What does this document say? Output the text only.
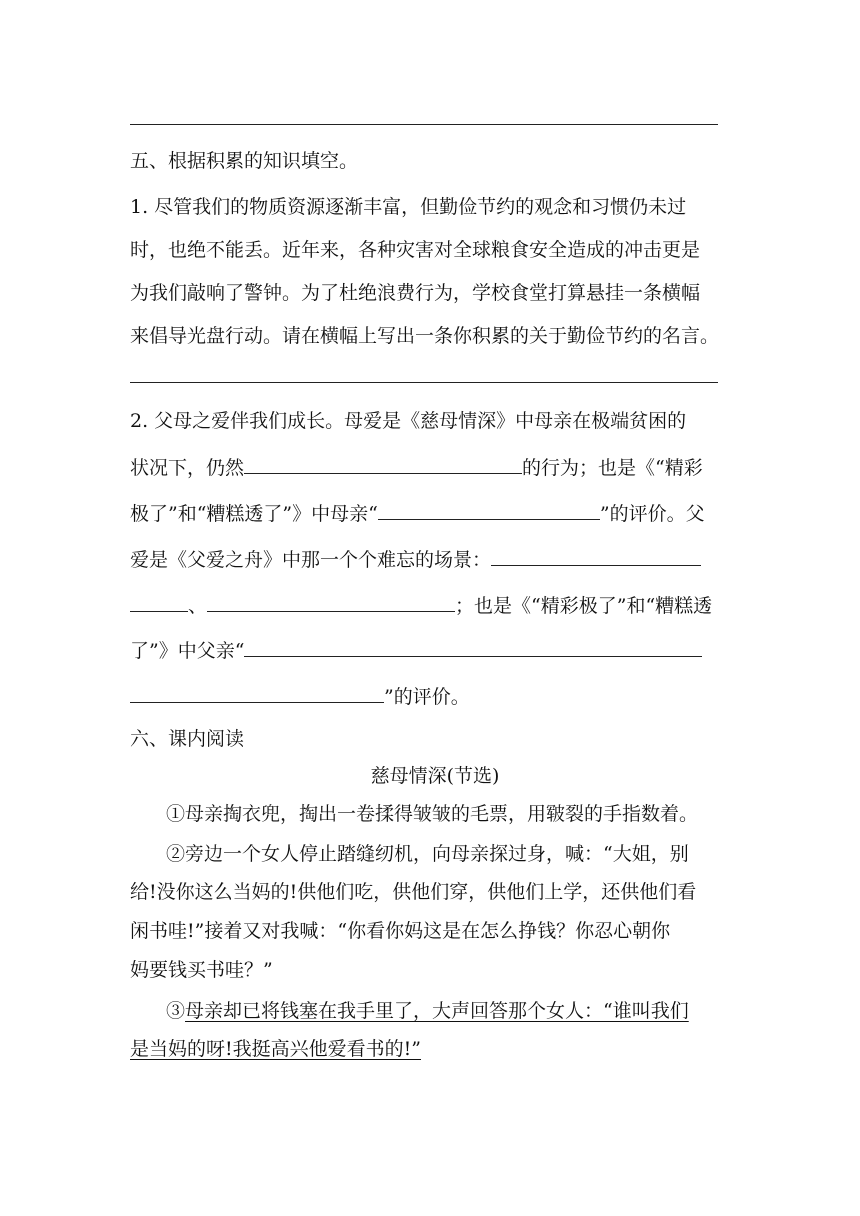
五、根据积累的知识填空。
1. 尽管我们的物质资源逐渐丰富，但勤俭节约的观念和习惯仍未过
时，也绝不能丢。近年来，各种灾害对全球粮食安全造成的冲击更是
为我们敲响了警钟。为了杜绝浪费行为，学校食堂打算悬挂一条横幅
来倡导光盘行动。请在横幅上写出一条你积累的关于勤俭节约的名言。
2. 父母之爱伴我们成长。母爱是《慈母情深》中母亲在极端贫困的
状况下，仍然	的行为；也是《“精彩
极了”和“糟糕透了”》中母亲“	”的评价。父
爱是《父爱之舟》中那一个个难忘的场景：
、	；也是《“精彩极了”和“糟糕透
了”》中父亲“
”的评价。
六、课内阅读
慈母情深(节选)
①母亲掏衣兜，掏出一卷揉得皱皱的毛票，用皲裂的手指数着。
②旁边一个女人停止踏缝纫机，向母亲探过身，喊：“大姐，别
给!没你这么当妈的!供他们吃，供他们穿，供他们上学，还供他们看
闲书哇!”接着又对我喊：“你看你妈这是在怎么挣钱？你忍心朝你
妈要钱买书哇？”
③母亲却已将钱塞在我手里了，大声回答那个女人：“谁叫我们
是当妈的呀!我挺高兴他爱看书的!”
